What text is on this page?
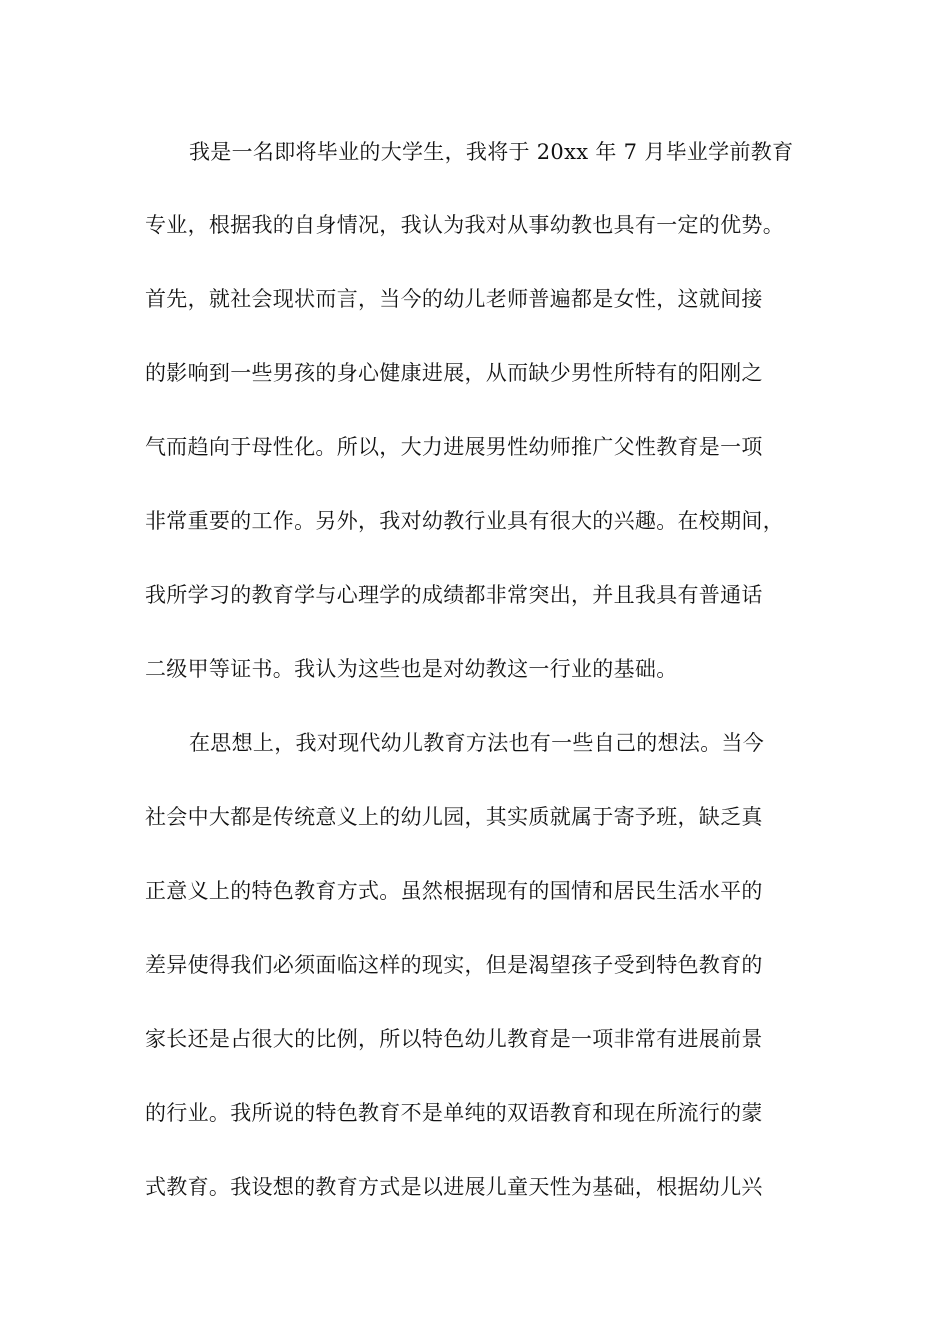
我是一名即将毕业的大学生，我将于 20xx 年 7 月毕业学前教育
专业，根据我的自身情况，我认为我对从事幼教也具有一定的优势。
首先，就社会现状而言，当今的幼儿老师普遍都是女性，这就间接
的影响到一些男孩的身心健康进展，从而缺少男性所特有的阳刚之
气而趋向于母性化。所以，大力进展男性幼师推广父性教育是一项
非常重要的工作。另外，我对幼教行业具有很大的兴趣。在校期间，
我所学习的教育学与心理学的成绩都非常突出，并且我具有普通话
二级甲等证书。我认为这些也是对幼教这一行业的基础。
在思想上，我对现代幼儿教育方法也有一些自己的想法。当今
社会中大都是传统意义上的幼儿园，其实质就属于寄予班，缺乏真
正意义上的特色教育方式。虽然根据现有的国情和居民生活水平的
差异使得我们必须面临这样的现实，但是渴望孩子受到特色教育的
家长还是占很大的比例，所以特色幼儿教育是一项非常有进展前景
的行业。我所说的特色教育不是单纯的双语教育和现在所流行的蒙
式教育。我设想的教育方式是以进展儿童天性为基础，根据幼儿兴
